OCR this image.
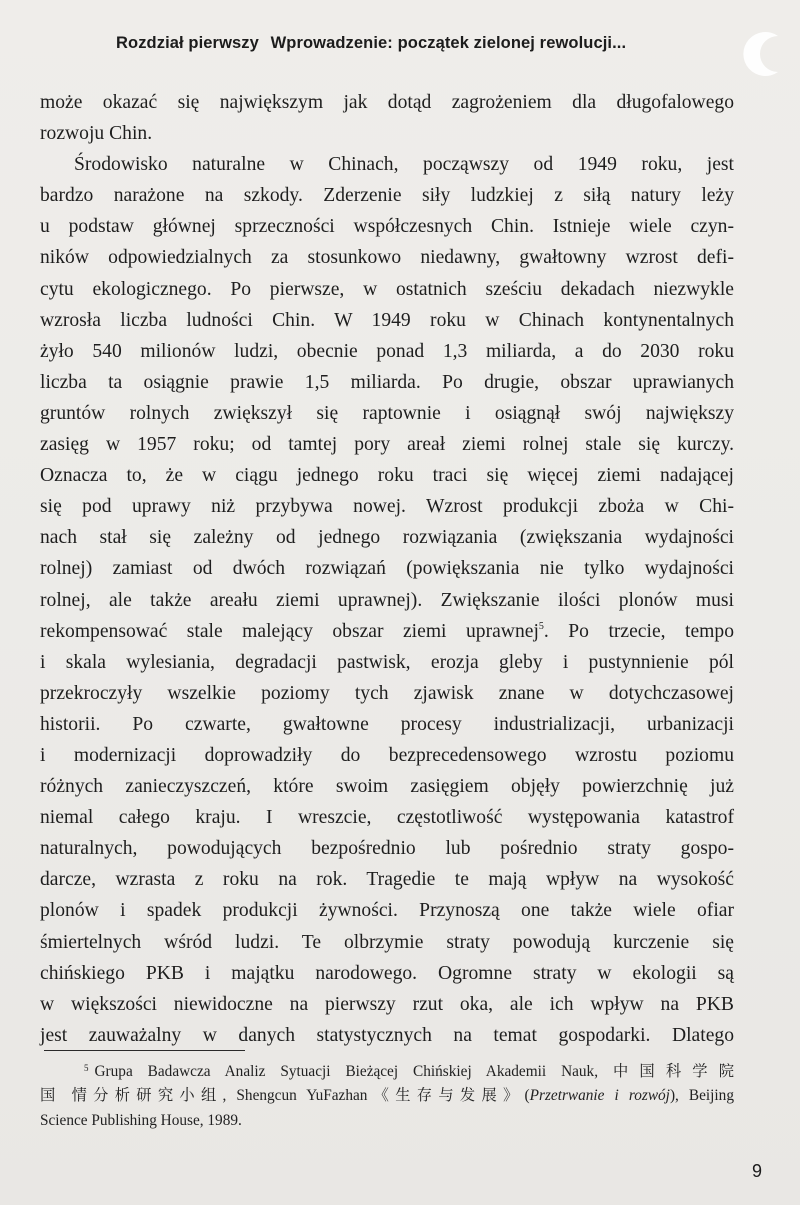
Rozdział pierwszy Wprowadzenie: początek zielonej rewolucji...
może okazać się największym jak dotąd zagrożeniem dla długofalowego
rozwoju Chin.
Środowisko naturalne w Chinach, począwszy od 1949 roku, jest
bardzo narażone na szkody. Zderzenie siły ludzkiej z siłą natury leży
u podstaw głównej sprzeczności współczesnych Chin. Istnieje wiele czyn-
ników odpowiedzialnych za stosunkowo niedawny, gwałtowny wzrost defi-
cytu ekologicznego. Po pierwsze, w ostatnich sześciu dekadach niezwykle
wzrosła liczba ludności Chin. W 1949 roku w Chinach kontynentalnych
żyło 540 milionów ludzi, obecnie ponad 1,3 miliarda, a do 2030 roku
liczba ta osiągnie prawie 1,5 miliarda. Po drugie, obszar uprawianych
gruntów rolnych zwiększył się raptownie i osiągnął swój największy
zasięg w 1957 roku; od tamtej pory areał ziemi rolnej stale się kurczy.
Oznacza to, że w ciągu jednego roku traci się więcej ziemi nadającej
się pod uprawy niż przybywa nowej. Wzrost produkcji zboża w Chi-
nach stał się zależny od jednego rozwiązania (zwiększania wydajności
rolnej) zamiast od dwóch rozwiązań (powiększania nie tylko wydajności
rolnej, ale także areału ziemi uprawnej). Zwiększanie ilości plonów musi
rekompensować stale malejący obszar ziemi uprawnej$^5$. Po trzecie, tempo
i skala wylesiania, degradacji pastwisk, erozja gleby i pustynnienie pól
przekroczyły wszelkie poziomy tych zjawisk znane w dotychczasowej
historii. Po czwarte, gwałtowne procesy industrializacji, urbanizacji
i modernizacji doprowadziły do bezprecedensowego wzrostu poziomu
różnych zanieczyszczeń, które swoim zasięgiem objęły powierzchnię już
niemal całego kraju. I wreszcie, częstotliwość występowania katastrof
naturalnych, powodujących bezpośrednio lub pośrednio straty gospo-
darcze, wzrasta z roku na rok. Tragedie te mają wpływ na wysokość
plonów i spadek produkcji żywności. Przynoszą one także wiele ofiar
śmiertelnych wśród ludzi. Te olbrzymie straty powodują kurczenie się
chińskiego PKB i majątku narodowego. Ogromne straty w ekologii są
w większości niewidoczne na pierwszy rzut oka, ale ich wpływ na PKB
jest zauważalny w danych statystycznych na temat gospodarki. Dlatego
$^5$ Grupa Badawcza Analiz Sytuacji Bieżącej Chińskiej Akademii Nauk, 中国科学院
国 情分析研究小组, Shengcun YuFazhan《生存与发展》(Przetrwanie i rozwój), Beijing
Science Publishing House, 1989.
9
